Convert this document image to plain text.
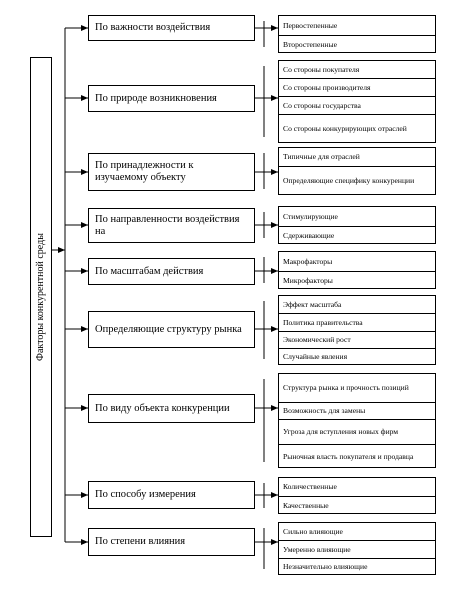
Факторы конкурентной среды
По важности воздействия	Первостепенные
Второстепенные
По природе возникновения
Со стороны покупателя
Со стороны производителя
Со стороны государства
Со стороны конкурирующих отраслей
По принадлежности к изучаемому объекту
Типичные для отраслей
Определяющие специфику конкуренции
По направленности воздействия на
Стимулирующие
Сдерживающие
По масштабам действия
Макрофакторы
Микрофакторы
Определяющие структуру рынка
Эффект масштаба
Политика правительства
Экономический рост
Случайные явления
По виду объекта конкуренции
Структура рынка и прочность позиций
Возможность для замены
Угроза для вступления новых фирм
Рыночная власть покупателя и продавца
По способу измерения
Количественные
Качественные
По степени влияния
Сильно влияющие
Умеренно влияющие
Незначительно влияющие
